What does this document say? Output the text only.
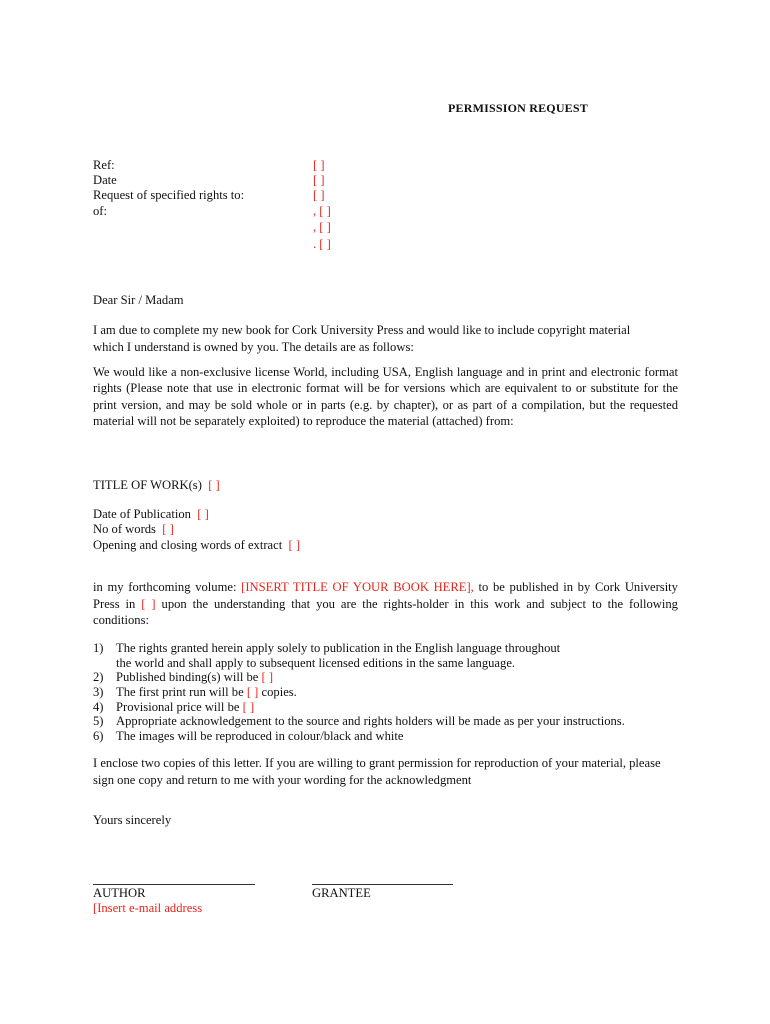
PERMISSION REQUEST
Ref:
Date
Request of specified rights to:
of:
[ ]
[ ]
[ ]
, [ ]
, [ ]
. [ ]
Dear Sir / Madam
I am due to complete my new book for Cork University Press and would like to include copyright material which I understand is owned by you. The details are as follows:
We would like a non-exclusive license World, including USA, English language and in print and electronic format rights (Please note that use in electronic format will be for versions which are equivalent to or substitute for the print version, and may be sold whole or in parts (e.g. by chapter), or as part of a compilation, but the requested material will not be separately exploited) to reproduce the material (attached) from:
TITLE OF WORK(s) [ ]
Date of Publication [ ]
No of words [ ]
Opening and closing words of extract [ ]
in my forthcoming volume: [INSERT TITLE OF YOUR BOOK HERE], to be published in by Cork University Press in [ ] upon the understanding that you are the rights-holder in this work and subject to the following conditions:
1) The rights granted herein apply solely to publication in the English language throughout
the world and shall apply to subsequent licensed editions in the same language.
2) Published binding(s) will be [ ]
3) The first print run will be [ ] copies.
4) Provisional price will be [ ]
5) Appropriate acknowledgement to the source and rights holders will be made as per your instructions.
6) The images will be reproduced in colour/black and white
I enclose two copies of this letter. If you are willing to grant permission for reproduction of your material, please sign one copy and return to me with your wording for the acknowledgment
Yours sincerely
AUTHOR	GRANTEE
[Insert e-mail address
